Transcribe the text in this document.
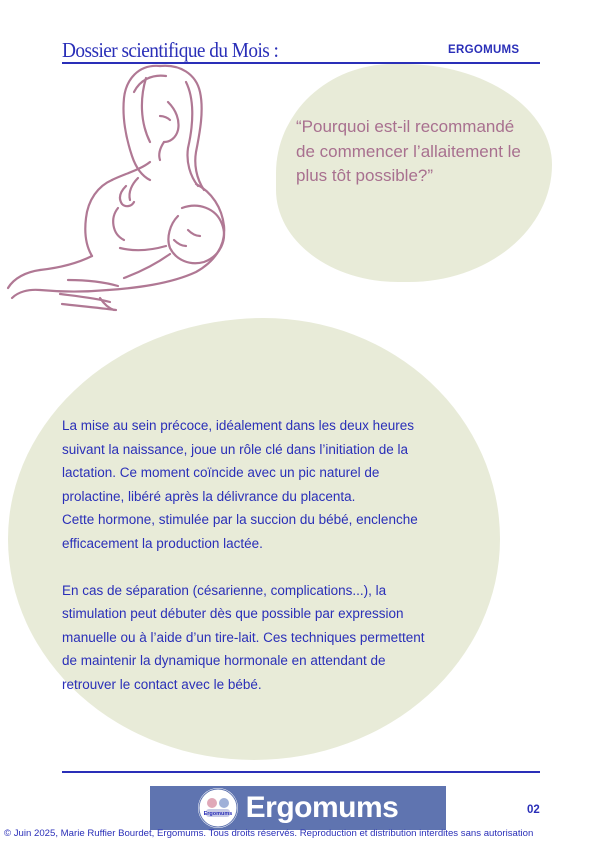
Dossier scientifique du Mois :	ERGOMUMS
“Pourquoi est-il recommandé de commencer l’allaitement le plus tôt possible?”

La mise au sein précoce, idéalement dans les deux heures suivant la naissance, joue un rôle clé dans l’initiation de la lactation. Ce moment coïncide avec un pic naturel de prolactine, libéré après la délivrance du placenta.

Cette hormone, stimulée par la succion du bébé, enclenche efficacement la production lactée.

En cas de séparation (césarienne, complications...), la stimulation peut débuter dès que possible par expression manuelle ou à l’aide d’un tire-lait. Ces techniques permettent de maintenir la dynamique hormonale en attendant de retrouver le contact avec le bébé.

Ergomums Ergomums	02
© Juin 2025, Marie Ruffier Bourdet, Ergomums. Tous droits réservés. Reproduction et distribution interdites sans autorisation
